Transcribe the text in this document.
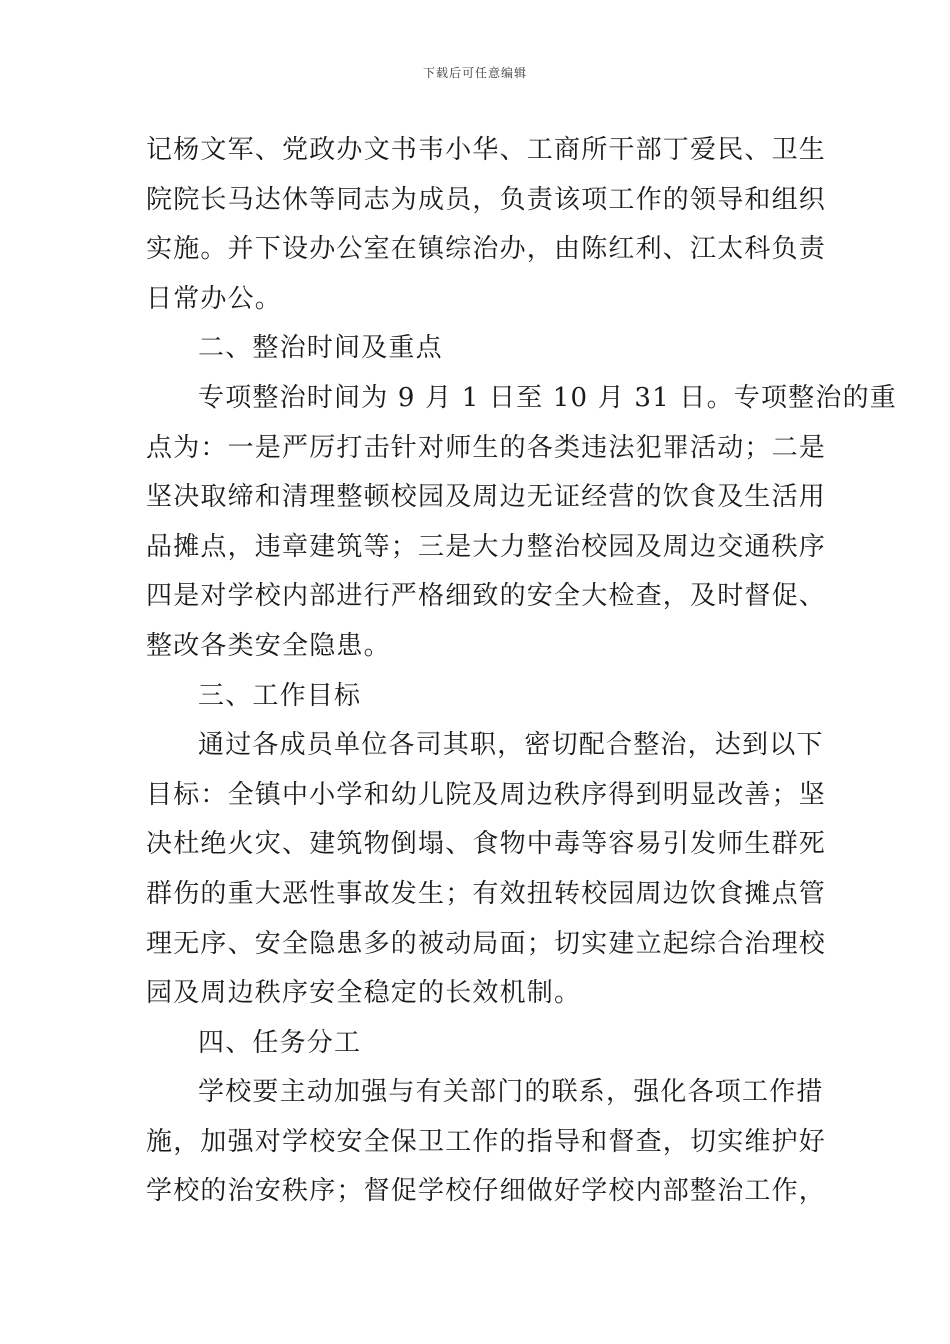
下载后可任意编辑
记杨文军、党政办文书韦小华、工商所干部丁爱民、卫生
院院长马达休等同志为成员，负责该项工作的领导和组织
实施。并下设办公室在镇综治办，由陈红利、江太科负责
日常办公。
二、整治时间及重点
专项整治时间为 9 月 1 日至 10 月 31 日。专项整治的重
点为：一是严厉打击针对师生的各类违法犯罪活动；二是
坚决取缔和清理整顿校园及周边无证经营的饮食及生活用
品摊点，违章建筑等；三是大力整治校园及周边交通秩序
四是对学校内部进行严格细致的安全大检查，及时督促、
整改各类安全隐患。
三、工作目标
通过各成员单位各司其职，密切配合整治，达到以下
目标：全镇中小学和幼儿院及周边秩序得到明显改善；坚
决杜绝火灾、建筑物倒塌、食物中毒等容易引发师生群死
群伤的重大恶性事故发生；有效扭转校园周边饮食摊点管
理无序、安全隐患多的被动局面；切实建立起综合治理校
园及周边秩序安全稳定的长效机制。
四、任务分工
学校要主动加强与有关部门的联系，强化各项工作措
施，加强对学校安全保卫工作的指导和督查，切实维护好
学校的治安秩序；督促学校仔细做好学校内部整治工作，
